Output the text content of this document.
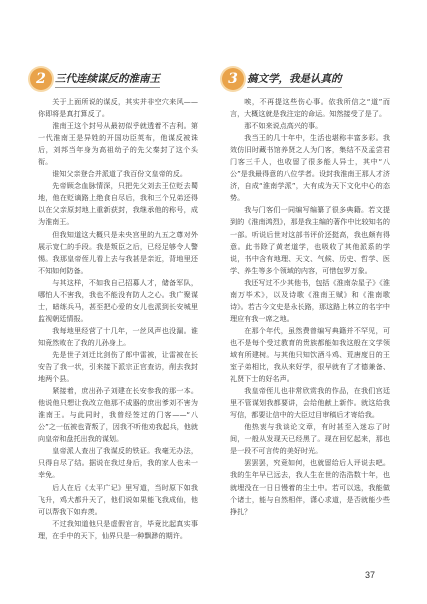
2 三代连续谋反的淮南王

关于上面所说的谋反，其实并非空穴来风——你即将是真打算反了。

淮南王这个封号从最初似乎就透着不吉利。第一代淮南王是异姓的开国功臣英布，他谋反被诛后，刘邦当年身为高祖幼子的先父秦封了这个头衔。

谁知父亲登合并派道了我百份文皇帝的反。

先帝顾念血脉情深，只把先父刘去王位贬去蜀地，他在贬谪路上绝食自尽后，我和三个兄弟还得以在父亲原封地上重新获封，我继承他的称号，成为淮南王。

但我知道这大概只是未央宫里的九五之尊对外展示宽仁的手段。我是叛臣之后，已经足够令人警惕。我那皇帝侄儿看上去与我甚是亲近，背地里还不知如何防备。

与其这样，不如我自己招募人才，储备军队，哪怕人不害我，我也不能没有防人之心。我广聚谋士，暗练兵马，甚至把心爱的女儿也派到长安城里监视朝廷情报。

我每地里经营了十几年，一丝风声也没漏。谁知竟然败在了我的儿孙身上。

先是世子刘迁比剑伤了郎中雷被，让雷被在长安告了我一状，引来接下派宗正官查访，削去我封地两个县。

紧接着，庶出孙子刘建在长安参我的那一本。他说他只想让我改立他那不成器的庶出爹刘不害为淮南王。与此同时，我曾经签过的门客——“八公”之一伍被也背叛了，因我不听他劝我起兵，他就向皇帝和盘托出我的谋划。

皇帝派人查出了我谋反的铁证。我毫无办法，只得自尽了结。据说在我过身后，我的家人也未一幸免。

后人在后《太平广记》里写道，当时原下如我飞升，鸡犬都升天了，他们说如果能飞我成仙，他可以帮我下如弃羡。

不过我知道他只是虚假官言，毕竟比起真实事理，在手中的天下，仙界只是一种飘渺的期许。

3 搞文学，我是认真的

唉，不再提这些伤心事。依我所信之“道”而言，大概这就是我注定的命运。知然接受了是了。

那不如来说点高兴的事。

我当王的几十年中，生活也堪称丰富多彩。我效仿旧时藏书馆养贤之人为门客，集结不及孟尝君门客三千人，也收留了很多能人异士，其中“八公”是我最得意的八位学者。设封我淮南王那人才济济，自成“淮南学派”，大有成为天下文化中心的态势。

我与门客们一同编写编纂了很多典籍。若文提到的《淮南鸿烈》，那是我主编的著作中比较知名的一部。听说后世对这部书评价还挺高，我也颇有得意。此书除了黄老道学，也吸收了其他派系的学说，书中含有地理、天文、气候、历史、哲学、医学、养生等多个领域的内容，可惜包罗万象。

我还写过不少其他书，包括《淮南杂星子》《淮南万毕术》，以及诗歌《淮南王赋》和《淮南歌诗》。若古今文史是永长路，那这路上林立的名字中理应有我一席之地。

在那个年代，虽然费曾编写典籍并不罕见，可也不是每个受过教育的贵族都能如我这般在文学领域有所建树。与其他只知饮酒斗鸡、荒唐度日的王室子弟相比，我从来好学，很早就有了才德兼备、礼贤下士的好名声。

我皇帝侄儿也非常欣赏我的作品，在我们宫廷里不管谋划我都要讲，会给他献上新作。就这给我写信，都要让信中的大臣过目审稿后才寄给我。

他热衷与我谈论文章，有时甚至入迷忘了时间，一般从发现天已经黑了。现在回忆起来，那也是一段不可言传的美好时光。

罢罢罢，究竟如何，也就留给后人评说去吧。我的生年早已远去，我人生在世的浩浩数十年，也就埋没在一日日慢着的尘土中。若可以选，我能做个诸士，能与自然相伴，潇心求道，是否就能少些挣扎？

37
